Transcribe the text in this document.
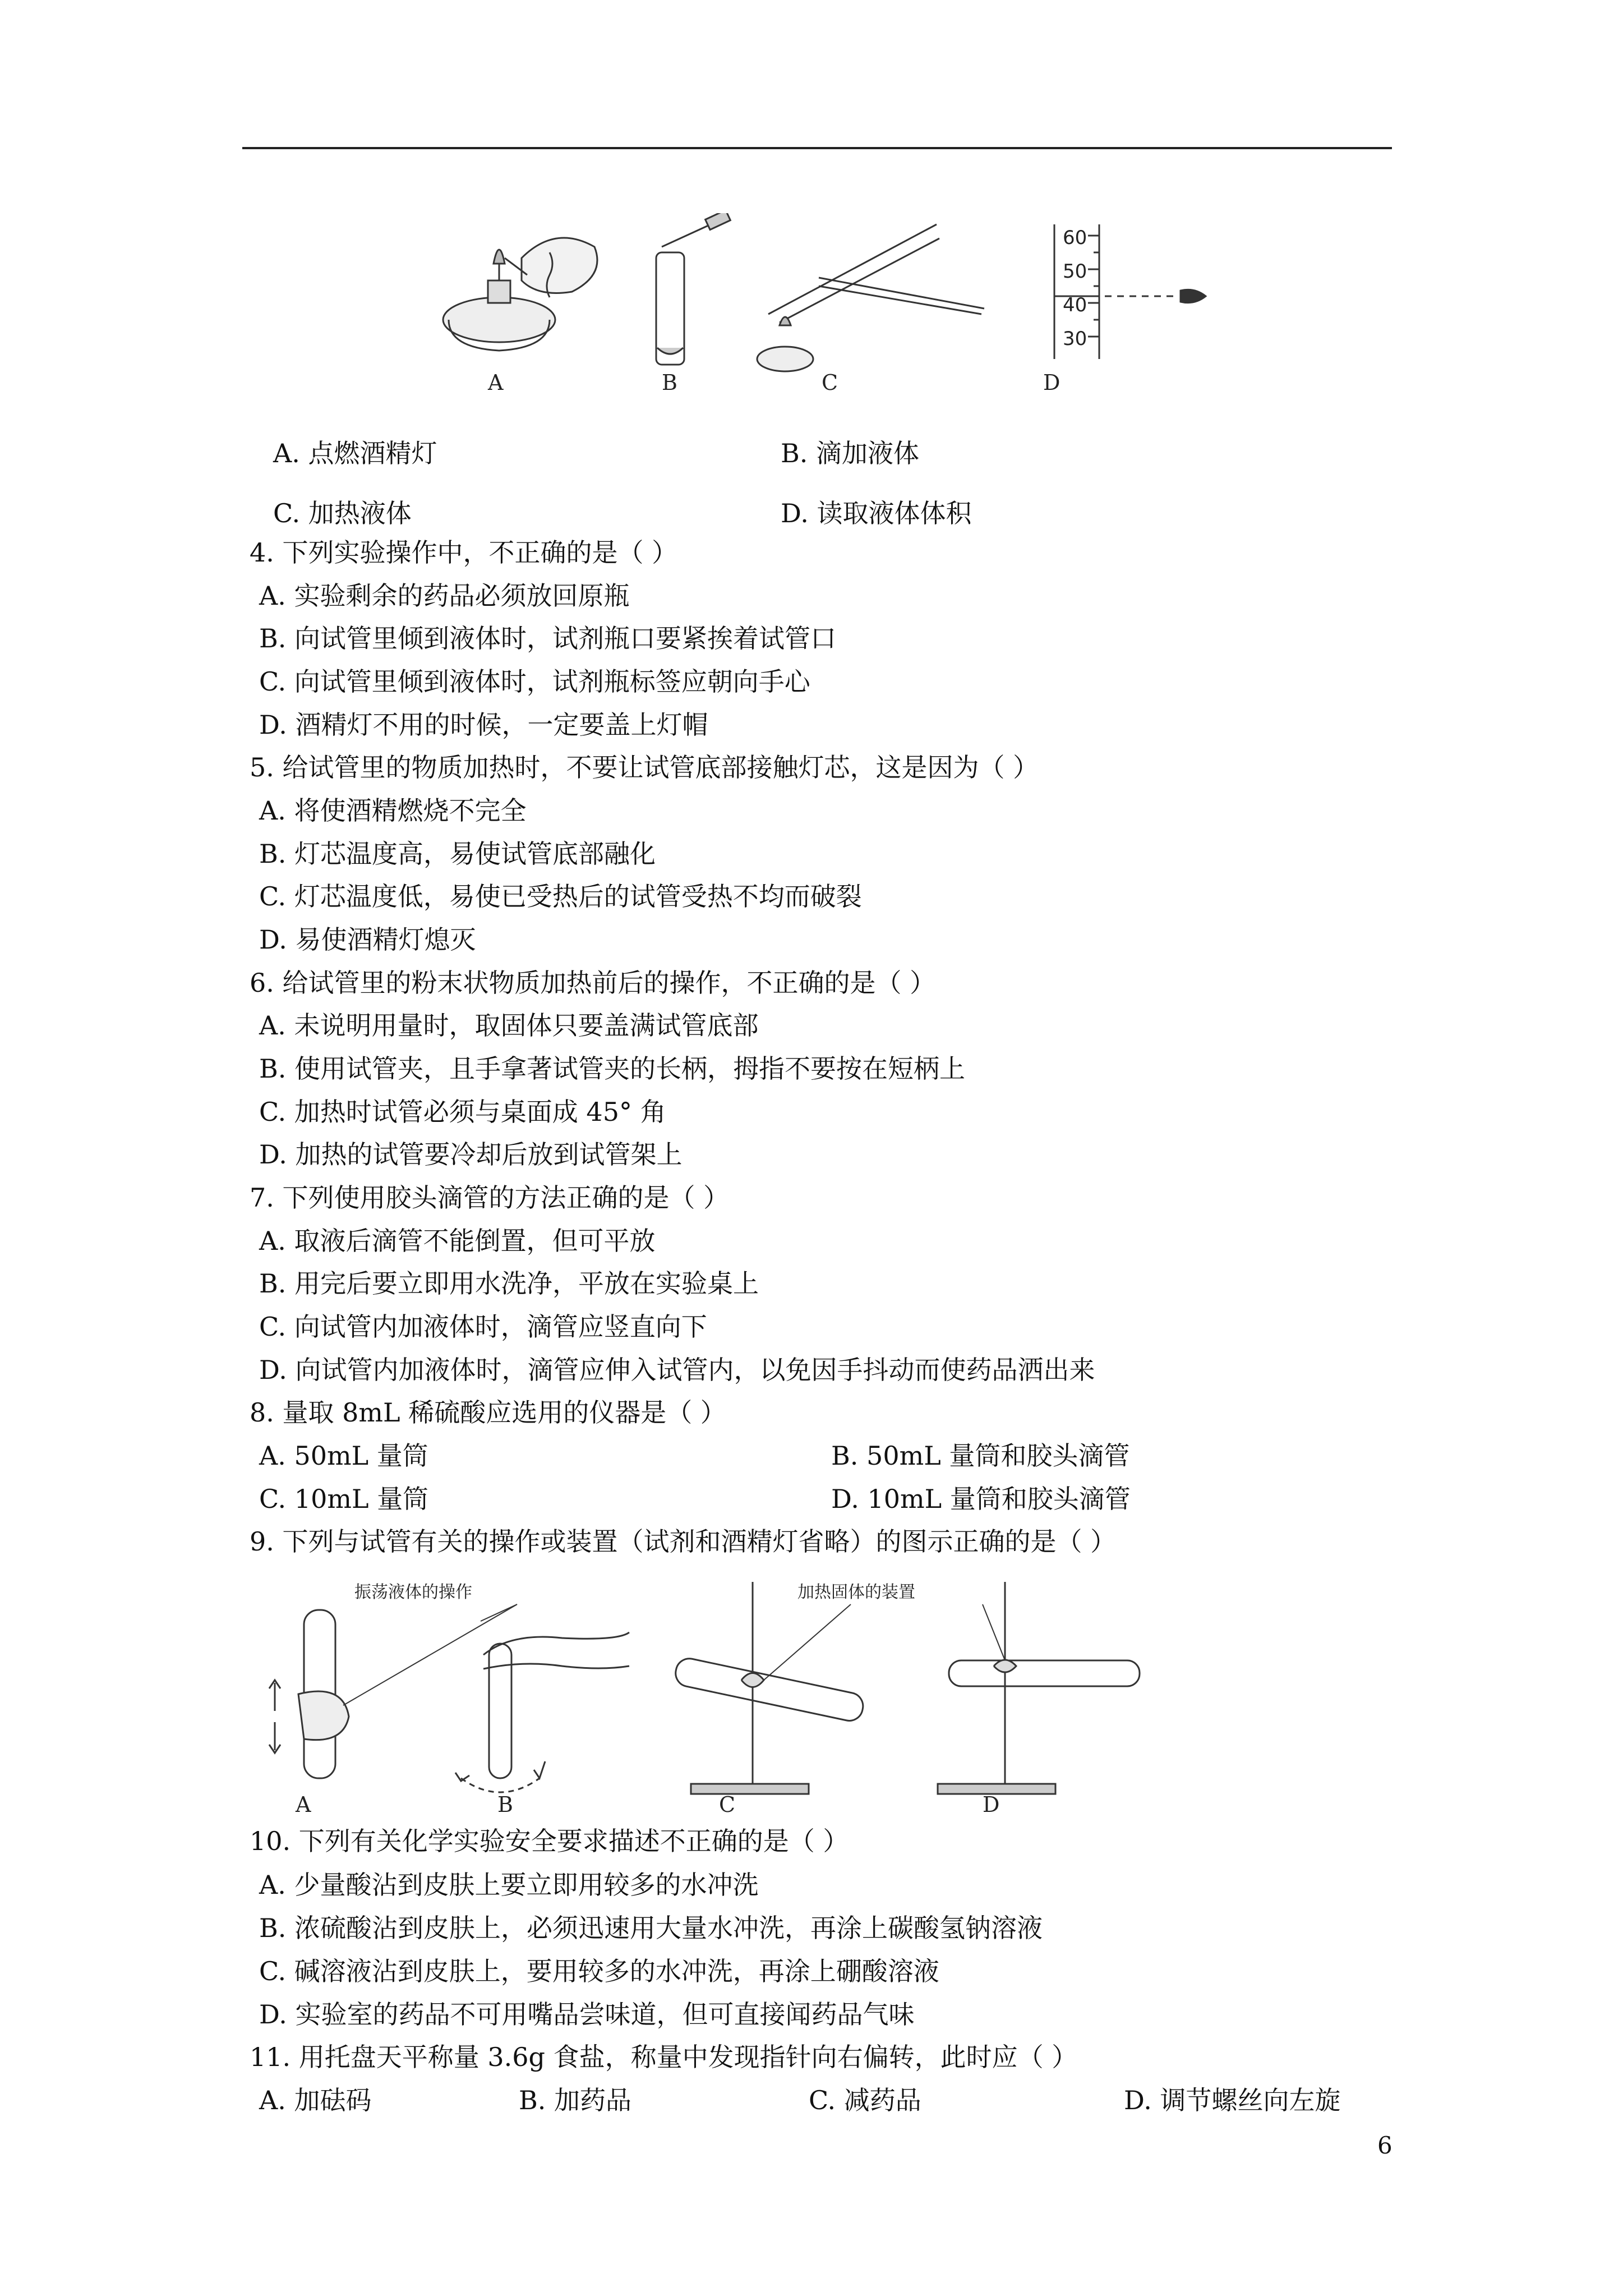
60
50
40
30
A	B	C	D
A. 点燃酒精灯	B. 滴加液体
C. 加热液体	D. 读取液体体积
4. 下列实验操作中，不正确的是（ ）
A. 实验剩余的药品必须放回原瓶
B. 向试管里倾到液体时，试剂瓶口要紧挨着试管口
C. 向试管里倾到液体时，试剂瓶标签应朝向手心
D. 酒精灯不用的时候，一定要盖上灯帽
5. 给试管里的物质加热时，不要让试管底部接触灯芯，这是因为（ ）
A. 将使酒精燃烧不完全
B. 灯芯温度高，易使试管底部融化
C. 灯芯温度低，易使已受热后的试管受热不均而破裂
D. 易使酒精灯熄灭
6. 给试管里的粉末状物质加热前后的操作，不正确的是（ ）
A. 未说明用量时，取固体只要盖满试管底部
B. 使用试管夹，且手拿著试管夹的长柄，拇指不要按在短柄上
C. 加热时试管必须与桌面成 45° 角
D. 加热的试管要冷却后放到试管架上
7. 下列使用胶头滴管的方法正确的是（ ）
A. 取液后滴管不能倒置，但可平放
B. 用完后要立即用水洗净，平放在实验桌上
C. 向试管内加液体时，滴管应竖直向下
D. 向试管内加液体时，滴管应伸入试管内，以免因手抖动而使药品洒出来
8. 量取 8mL 稀硫酸应选用的仪器是（ ）
A. 50mL 量筒	B. 50mL 量筒和胶头滴管
C. 10mL 量筒	D. 10mL 量筒和胶头滴管
9. 下列与试管有关的操作或装置（试剂和酒精灯省略）的图示正确的是（ ）
振荡液体的操作	加热固体的装置
A	B	C	D
10. 下列有关化学实验安全要求描述不正确的是（ ）
A. 少量酸沾到皮肤上要立即用较多的水冲洗
B. 浓硫酸沾到皮肤上，必须迅速用大量水冲洗，再涂上碳酸氢钠溶液
C. 碱溶液沾到皮肤上，要用较多的水冲洗，再涂上硼酸溶液
D. 实验室的药品不可用嘴品尝味道，但可直接闻药品气味
11. 用托盘天平称量 3.6g 食盐，称量中发现指针向右偏转，此时应（ ）
A. 加砝码	B. 加药品	C. 减药品	D. 调节螺丝向左旋
6
